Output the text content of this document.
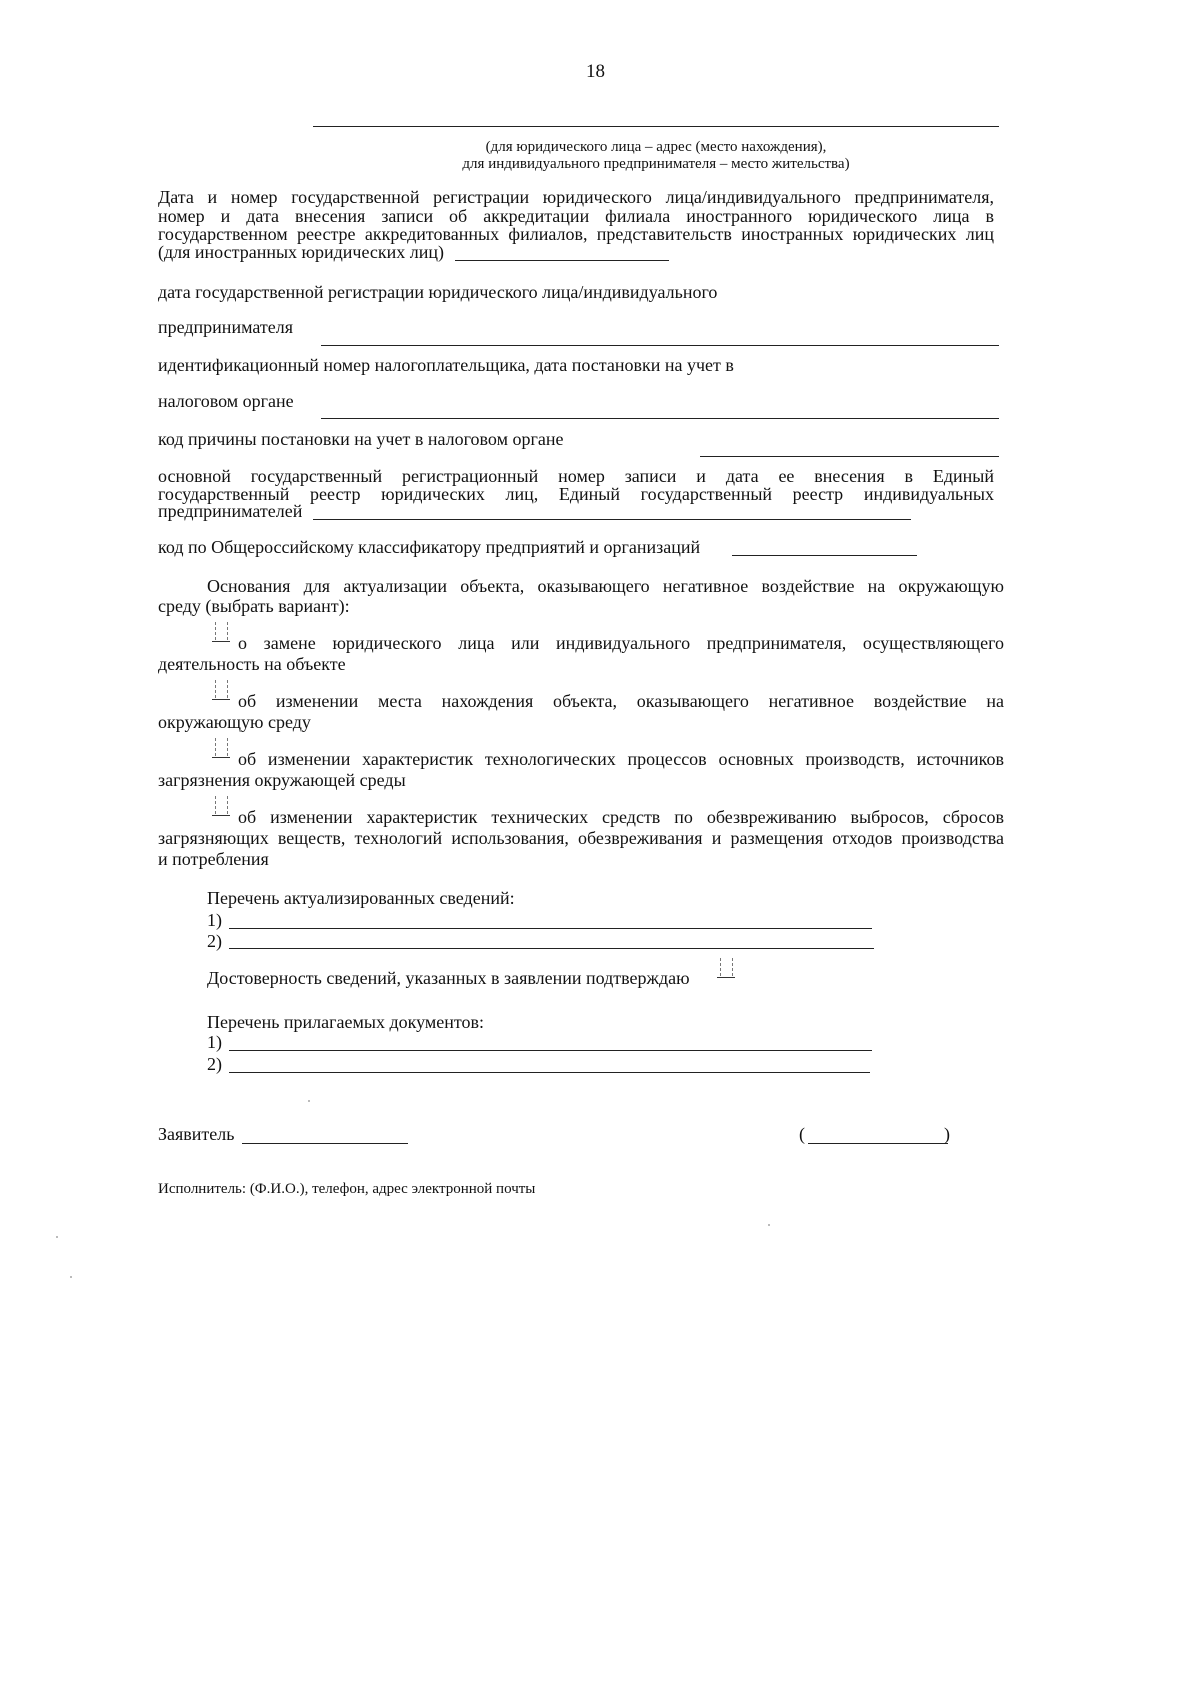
18
(для юридического лица – адрес (место нахождения),
для индивидуального предпринимателя – место жительства)
Дата и номер государственной регистрации юридического лица/индивидуального предпринимателя,
номер и дата внесения записи об аккредитации филиала иностранного юридического лица в
государственном реестре аккредитованных филиалов, представительств иностранных юридических лиц
(для иностранных юридических лиц)
дата государственной регистрации юридического лица/индивидуального
предпринимателя
идентификационный номер налогоплательщика, дата постановки на учет в
налоговом органе
код причины постановки на учет в налоговом органе
основной государственный регистрационный номер записи и дата ее внесения в Единый
государственный реестр юридических лиц, Единый государственный реестр индивидуальных
предпринимателей
код по Общероссийскому классификатору предприятий и организаций
Основания для актуализации объекта, оказывающего негативное воздействие на окружающую
среду (выбрать вариант):
о замене юридического лица или индивидуального предпринимателя, осуществляющего
деятельность на объекте
об изменении места нахождения объекта, оказывающего негативное воздействие на
окружающую среду
об изменении характеристик технологических процессов основных производств, источников
загрязнения окружающей среды
об изменении характеристик технических средств по обезвреживанию выбросов, сбросов
загрязняющих веществ, технологий использования, обезвреживания и размещения отходов производства
и потребления
Перечень актуализированных сведений:
1)
2)
Достоверность сведений, указанных в заявлении подтверждаю
Перечень прилагаемых документов:
1)
2)
Заявитель	(	)
Исполнитель: (Ф.И.О.), телефон, адрес электронной почты
